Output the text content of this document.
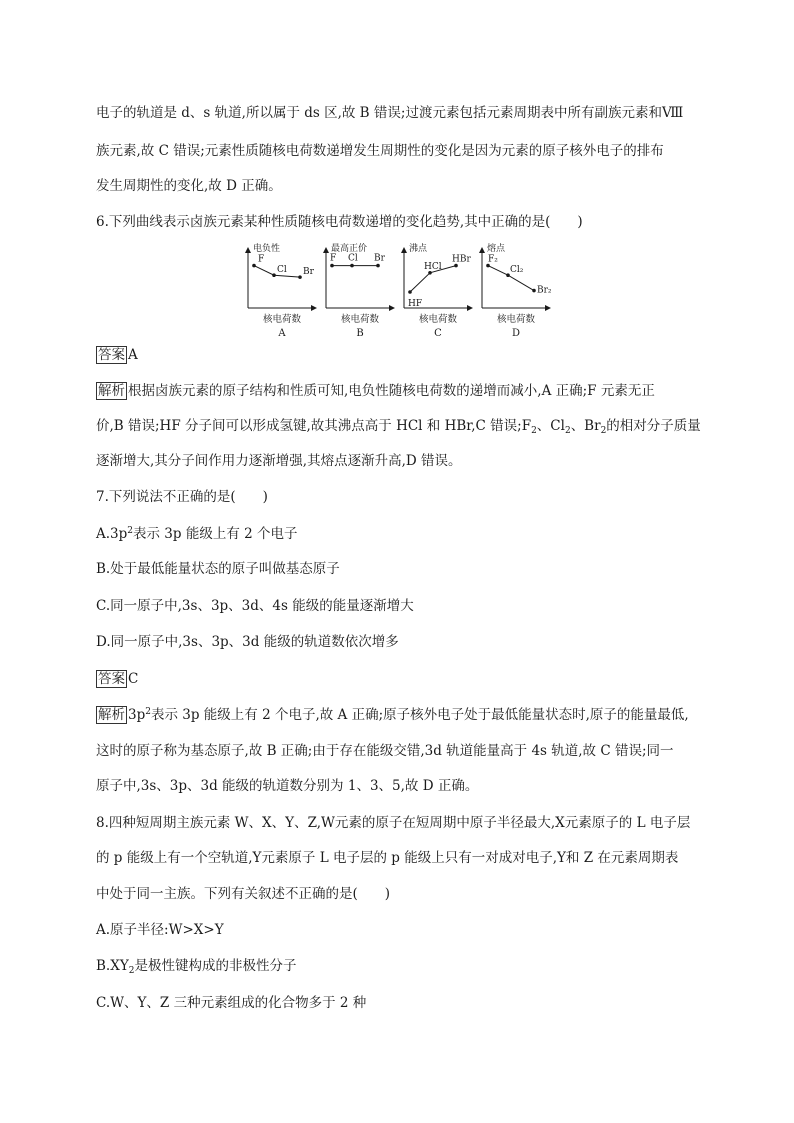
电子的轨道是 d、s 轨道,所以属于 ds 区,故 B 错误;过渡元素包括元素周期表中所有副族元素和Ⅷ
族元素,故 C 错误;元素性质随核电荷数递增发生周期性的变化是因为元素的原子核外电子的排布
发生周期性的变化,故 D 正确。
6.下列曲线表示卤族元素某种性质随核电荷数递增的变化趋势,其中正确的是(　　)
电负性
F
Cl Br
核电荷数
A
最高正价
F Cl Br
核电荷数
B
沸点
HF
HCl
HBr
核电荷数
C
熔点
F₂
Cl₂
Br₂
核电荷数
D
答案 A
解析 根据卤族元素的原子结构和性质可知,电负性随核电荷数的递增而减小,A 正确;F 元素无正
价,B 错误;HF 分子间可以形成氢键,故其沸点高于 HCl 和 HBr,C 错误$;F_2$、$Cl_2$、$Br_2$的相对分子质量
逐渐增大,其分子间作用力逐渐增强,其熔点逐渐升高,D 错误。
7.下列说法不正确的是(　　)
$A.3p^2$表示 3p 能级上有 2 个电子
B.处于最低能量状态的原子叫做基态原子
C.同一原子中,3s、3p、3d、4s 能级的能量逐渐增大
D.同一原子中,3s、3p、3d 能级的轨道数依次增多
答案 C
解析 $3p^2$表示 3p 能级上有 2 个电子,故 A 正确;原子核外电子处于最低能量状态时,原子的能量最低,
这时的原子称为基态原子,故 B 正确;由于存在能级交错,3d 轨道能量高于 4s 轨道,故 C 错误;同一
原子中,3s、3p、3d 能级的轨道数分别为 1、3、5,故 D 正确。
8.四种短周期主族元素 W、X、Y、Z,W元素的原子在短周期中原子半径最大,X元素原子的 L 电子层
的 p 能级上有一个空轨道,Y元素原子 L 电子层的 p 能级上只有一对成对电子,Y和 Z 在元素周期表
中处于同一主族。下列有关叙述不正确的是(　　)
A.原子半径:W>X>Y
$B.XY_2$是极性键构成的非极性分子
C.W、Y、Z 三种元素组成的化合物多于 2 种
